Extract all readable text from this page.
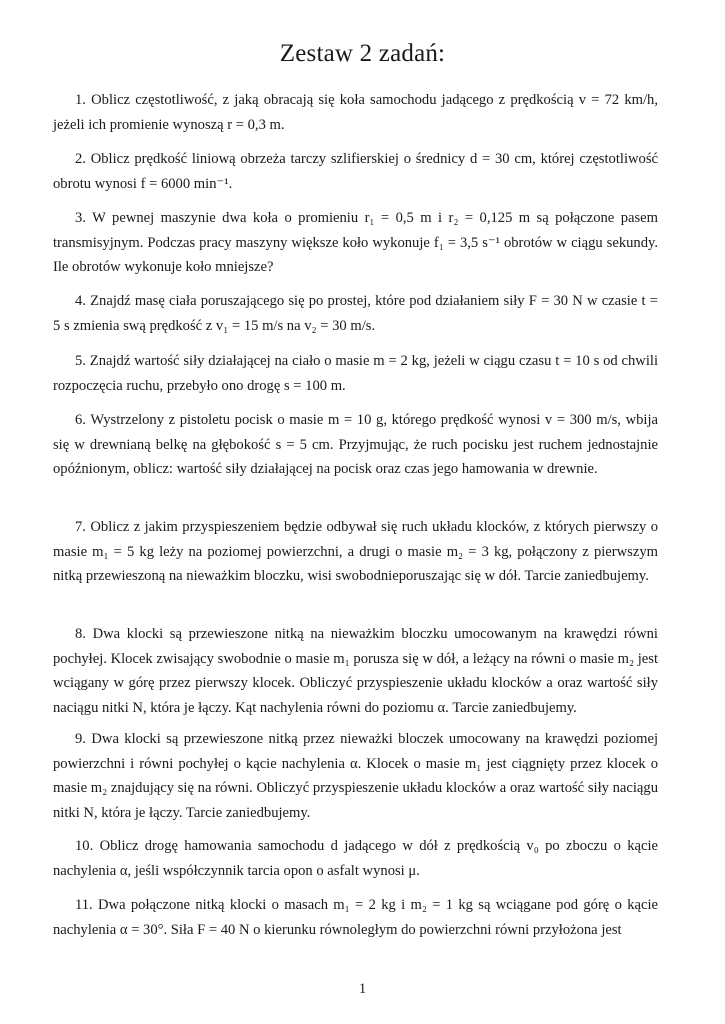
Zestaw 2 zadań:

1. Oblicz częstotliwość, z jaką obracają się koła samochodu jadącego z prędkością v = 72 km/h, jeżeli ich promienie wynoszą r = 0,3 m.

2. Oblicz prędkość liniową obrzeża tarczy szlifierskiej o średnicy d = 30 cm, której częstotliwość obrotu wynosi f = 6000 min⁻¹.

3. W pewnej maszynie dwa koła o promieniu r₁ = 0,5 m i r₂ = 0,125 m są połączone pasem transmisyjnym. Podczas pracy maszyny większe koło wykonuje f₁ = 3,5 s⁻¹ obrotów w ciągu sekundy. Ile obrotów wykonuje koło mniejsze?

4. Znajdź masę ciała poruszającego się po prostej, które pod działaniem siły F = 30 N w czasie t = 5 s zmienia swą prędkość z v₁ = 15 m/s na v₂ = 30 m/s.

5. Znajdź wartość siły działającej na ciało o masie m = 2 kg, jeżeli w ciągu czasu t = 10 s od chwili rozpoczęcia ruchu, przebyło ono drogę s = 100 m.

6. Wystrzelony z pistoletu pocisk o masie m = 10 g, którego prędkość wynosi v = 300 m/s, wbija się w drewnianą belkę na głębokość s = 5 cm. Przyjmując, że ruch pocisku jest ruchem jednostajnie opóźnionym, oblicz: wartość siły działającej na pocisk oraz czas jego hamowania w drewnie.

7. Oblicz z jakim przyspieszeniem będzie odbywał się ruch układu klocków, z których pierwszy o masie m₁ = 5 kg leży na poziomej powierzchni, a drugi o masie m₂ = 3 kg, połączony z pierwszym nitką przewieszoną na nieważkim bloczku, wisi swobodnieporuszając się w dół. Tarcie zaniedbujemy.

8. Dwa klocki są przewieszone nitką na nieważkim bloczku umocowanym na krawędzi równi pochyłej. Klocek zwisający swobodnie o masie m₁ porusza się w dół, a leżący na równi o masie m₂ jest wciągany w górę przez pierwszy klocek. Obliczyć przyspieszenie układu klocków a oraz wartość siły naciągu nitki N, która je łączy. Kąt nachylenia równi do poziomu α. Tarcie zaniedbujemy.

9. Dwa klocki są przewieszone nitką przez nieważki bloczek umocowany na krawędzi poziomej powierzchni i równi pochyłej o kącie nachylenia α. Klocek o masie m₁ jest ciągnięty przez klocek o masie m₂ znajdujący się na równi. Obliczyć przyspieszenie układu klocków a oraz wartość siły naciągu nitki N, która je łączy. Tarcie zaniedbujemy.

10. Oblicz drogę hamowania samochodu d jadącego w dół z prędkością v₀ po zboczu o kącie nachylenia α, jeśli współczynnik tarcia opon o asfalt wynosi μ.

11. Dwa połączone nitką klocki o masach m₁ = 2 kg i m₂ = 1 kg są wciągane pod górę o kącie nachylenia α = 30°. Siła F = 40 N o kierunku równoległym do powierzchni równi przyłożona jest

1
